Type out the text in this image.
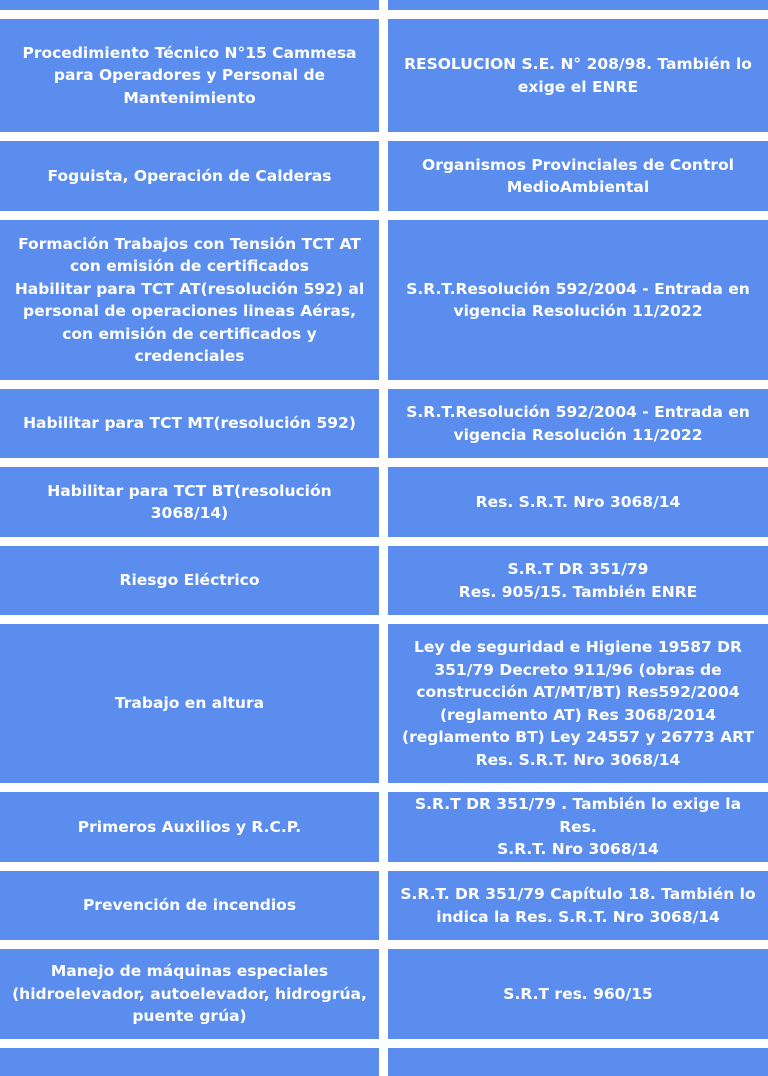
Procedimiento Técnico N°15 Cammesa
para Operadores y Personal de
Mantenimiento
RESOLUCION S.E. N° 208/98. También lo
exige el ENRE
Foguista, Operación de Calderas
Organismos Provinciales de Control
MedioAmbiental
Formación Trabajos con Tensión TCT AT
con emisión de certificados
Habilitar para TCT AT(resolución 592) al
personal de operaciones lineas Aéras,
con emisión de certificados y
credenciales
S.R.T.Resolución 592/2004 - Entrada en
vigencia Resolución 11/2022
Habilitar para TCT MT(resolución 592)
S.R.T.Resolución 592/2004 - Entrada en
vigencia Resolución 11/2022
Habilitar para TCT BT(resolución 3068/14)
Res. S.R.T. Nro 3068/14
Riesgo Eléctrico
S.R.T DR 351/79
Res. 905/15. También ENRE
Trabajo en altura
Ley de seguridad e Higiene 19587 DR
351/79 Decreto 911/96 (obras de
construcción AT/MT/BT) Res592/2004
(reglamento AT) Res 3068/2014
(reglamento BT) Ley 24557 y 26773 ART
Res. S.R.T. Nro 3068/14
Primeros Auxilios y R.C.P.
S.R.T DR 351/79 . También lo exige la Res.
S.R.T. Nro 3068/14
Prevención de incendios
S.R.T. DR 351/79 Capítulo 18. También lo
indica la Res. S.R.T. Nro 3068/14
Manejo de máquinas especiales
(hidroelevador, autoelevador, hidrogrúa,
puente grúa)
S.R.T res. 960/15
